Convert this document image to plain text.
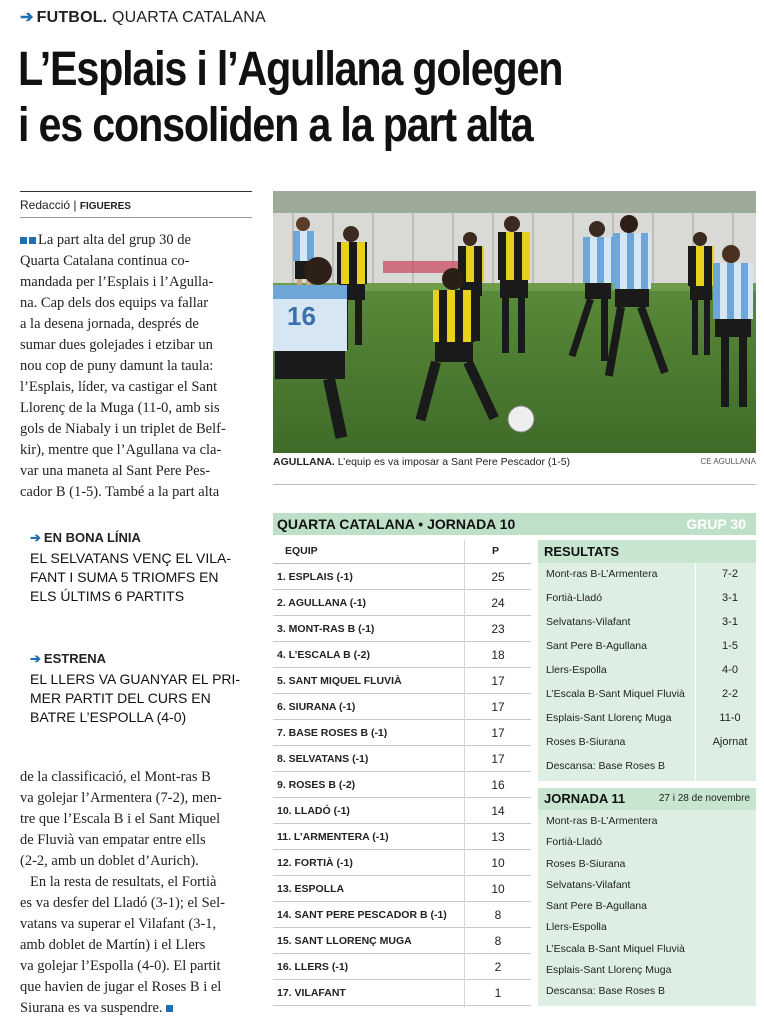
➔ FUTBOL. QUARTA CATALANA
L’Esplais i l’Agullana golegen
i es consoliden a la part alta
Redacció | FIGUERES
La part alta del grup 30 de
Quarta Catalana continua co-
mandada per l’Esplais i l’Agulla-
na. Cap dels dos equips va fallar
a la desena jornada, després de
sumar dues golejades i etzibar un
nou cop de puny damunt la taula:
l’Esplais, líder, va castigar el Sant
Llorenç de la Muga (11-0, amb sis
gols de Niabaly i un triplet de Belf-
kir), mentre que l’Agullana va cla-
var una maneta al Sant Pere Pes-
cador B (1-5). També a la part alta
➔ EN BONA LÍNIA
EL SELVATANS VENÇ EL VILA-
FANT I SUMA 5 TRIOMFS EN
ELS ÚLTIMS 6 PARTITS
➔ ESTRENA
EL LLERS VA GUANYAR EL PRI-
MER PARTIT DEL CURS EN
BATRE L’ESPOLLA (4-0)
de la classificació, el Mont-ras B
va golejar l’Armentera (7-2), men-
tre que l’Escala B i el Sant Miquel
de Fluvià van empatar entre ells
(2-2, amb un doblet d’Aurich).
En la resta de resultats, el Fortià
es va desfer del Lladó (3-1); el Sel-
vatans va superar el Vilafant (3-1,
amb doblet de Martín) i el Llers
va golejar l’Espolla (4-0). El partit
que havien de jugar el Roses B i el
Siurana es va suspendre.
16
AGULLANA. L’equip es va imposar a Sant Pere Pescador (1-5)	CE AGULLANA
QUARTA CATALANA • JORNADA 10	GRUP 30
EQUIP	P
1. ESPLAIS (-1)	25
2. AGULLANA (-1)	24
3. MONT-RAS B (-1)	23
4. L’ESCALA B (-2)	18
5. SANT MIQUEL FLUVIÀ	17
6. SIURANA (-1)	17
7. BASE ROSES B (-1)	17
8. SELVATANS (-1)	17
9. ROSES B (-2)	16
10. LLADÓ (-1)	14
11. L’ARMENTERA (-1)	13
12. FORTIÀ (-1)	10
13. ESPOLLA	10
14. SANT PERE PESCADOR B (-1)	8
15. SANT LLORENÇ MUGA	8
16. LLERS (-1)	2
17. VILAFANT	1
RESULTATS
Mont-ras B-L’Armentera	7-2
Fortià-Lladó	3-1
Selvatans-Vilafant	3-1
Sant Pere B-Agullana	1-5
Llers-Espolla	4-0
L’Escala B-Sant Miquel Fluvià	2-2
Esplais-Sant Llorenç Muga	11-0
Roses B-Siurana	Ajornat
Descansa: Base Roses B
JORNADA 11	27 i 28 de novembre
Mont-ras B-L’Armentera
Fortià-Lladó
Roses B-Siurana
Selvatans-Vilafant
Sant Pere B-Agullana
Llers-Espolla
L’Escala B-Sant Miquel Fluvià
Esplais-Sant Llorenç Muga
Descansa: Base Roses B
